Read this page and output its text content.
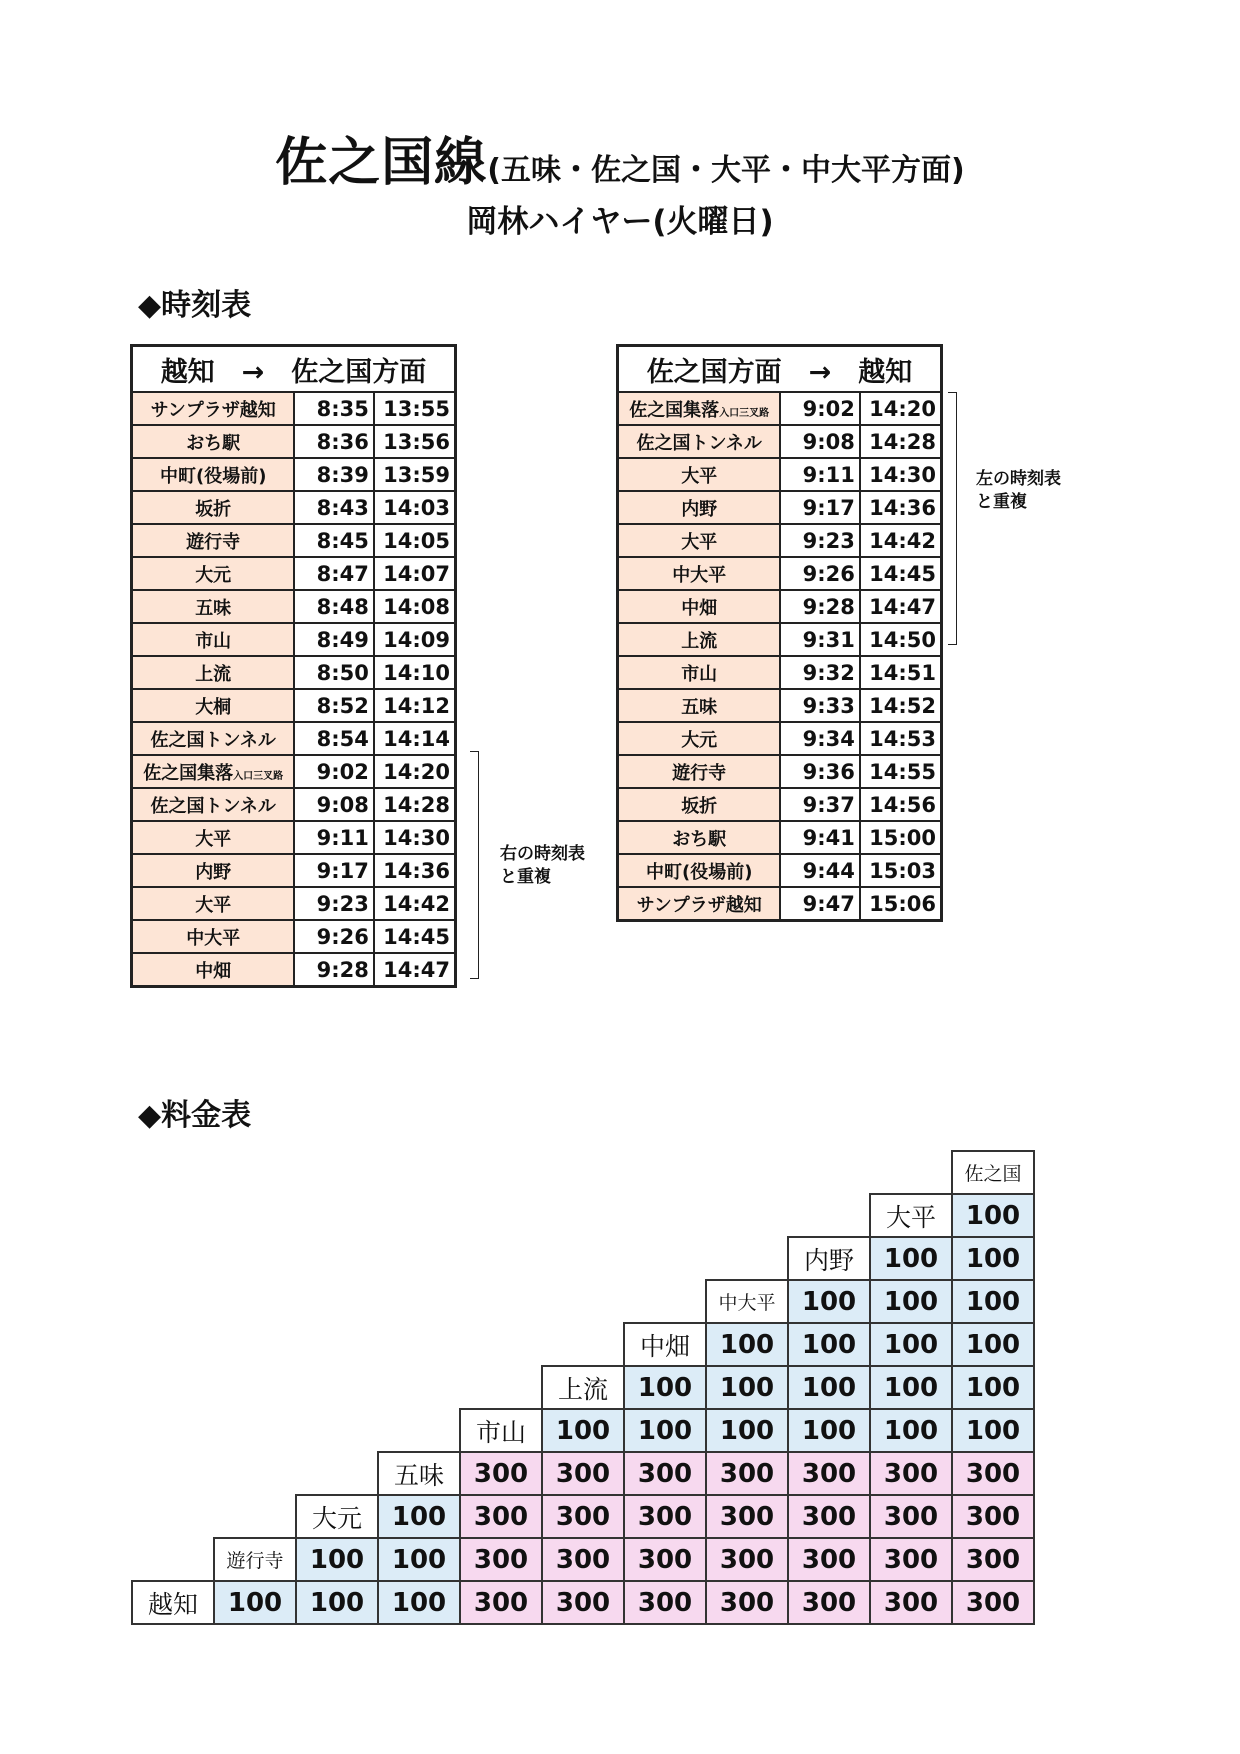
佐之国線(五味・佐之国・大平・中大平方面)
岡林ハイヤー(火曜日)
◆時刻表
越知　→　佐之国方面		
サンプラザ越知	8:35	13:55
おち駅	8:36	13:56
中町(役場前)	8:39	13:59
坂折	8:43	14:03
遊行寺	8:45	14:05
大元	8:47	14:07
五味	8:48	14:08
市山	8:49	14:09
上流	8:50	14:10
大桐	8:52	14:12
佐之国トンネル	8:54	14:14
佐之国集落入口三叉路	9:02	14:20
佐之国トンネル	9:08	14:28
大平	9:11	14:30
内野	9:17	14:36
大平	9:23	14:42
中大平	9:26	14:45
中畑	9:28	14:47
右の時刻表
と重複
佐之国方面　→　越知		
佐之国集落入口三叉路	9:02	14:20
佐之国トンネル	9:08	14:28
大平	9:11	14:30
内野	9:17	14:36
大平	9:23	14:42
中大平	9:26	14:45
中畑	9:28	14:47
上流	9:31	14:50
市山	9:32	14:51
五味	9:33	14:52
大元	9:34	14:53
遊行寺	9:36	14:55
坂折	9:37	14:56
おち駅	9:41	15:00
中町(役場前)	9:44	15:03
サンプラザ越知	9:47	15:06
左の時刻表
と重複
◆料金表
										佐之国
									大平	100
								内野	100	100
							中大平	100	100	100
						中畑	100	100	100	100
					上流	100	100	100	100	100
				市山	100	100	100	100	100	100
			五味	300	300	300	300	300	300	300
		大元	100	300	300	300	300	300	300	300
	遊行寺	100	100	300	300	300	300	300	300	300
越知	100	100	100	300	300	300	300	300	300	300
